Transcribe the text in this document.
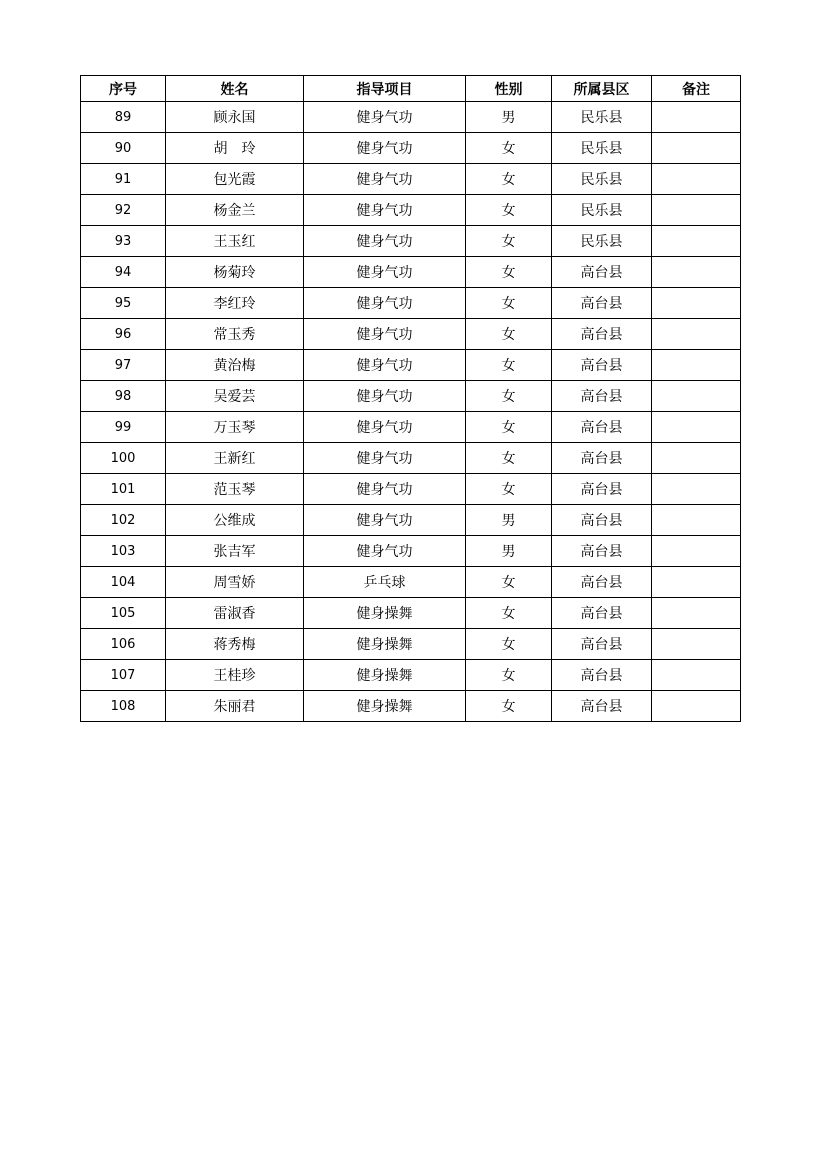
序号	姓名	指导项目	性别	所属县区	备注
89	顾永国	健身气功	男	民乐县	
90	胡　玲	健身气功	女	民乐县	
91	包光霞	健身气功	女	民乐县	
92	杨金兰	健身气功	女	民乐县	
93	王玉红	健身气功	女	民乐县	
94	杨菊玲	健身气功	女	高台县	
95	李红玲	健身气功	女	高台县	
96	常玉秀	健身气功	女	高台县	
97	黄治梅	健身气功	女	高台县	
98	吴爱芸	健身气功	女	高台县	
99	万玉琴	健身气功	女	高台县	
100	王新红	健身气功	女	高台县	
101	范玉琴	健身气功	女	高台县	
102	公维成	健身气功	男	高台县	
103	张吉军	健身气功	男	高台县	
104	周雪娇	乒乓球	女	高台县	
105	雷淑香	健身操舞	女	高台县	
106	蒋秀梅	健身操舞	女	高台县	
107	王桂珍	健身操舞	女	高台县	
108	朱丽君	健身操舞	女	高台县	
